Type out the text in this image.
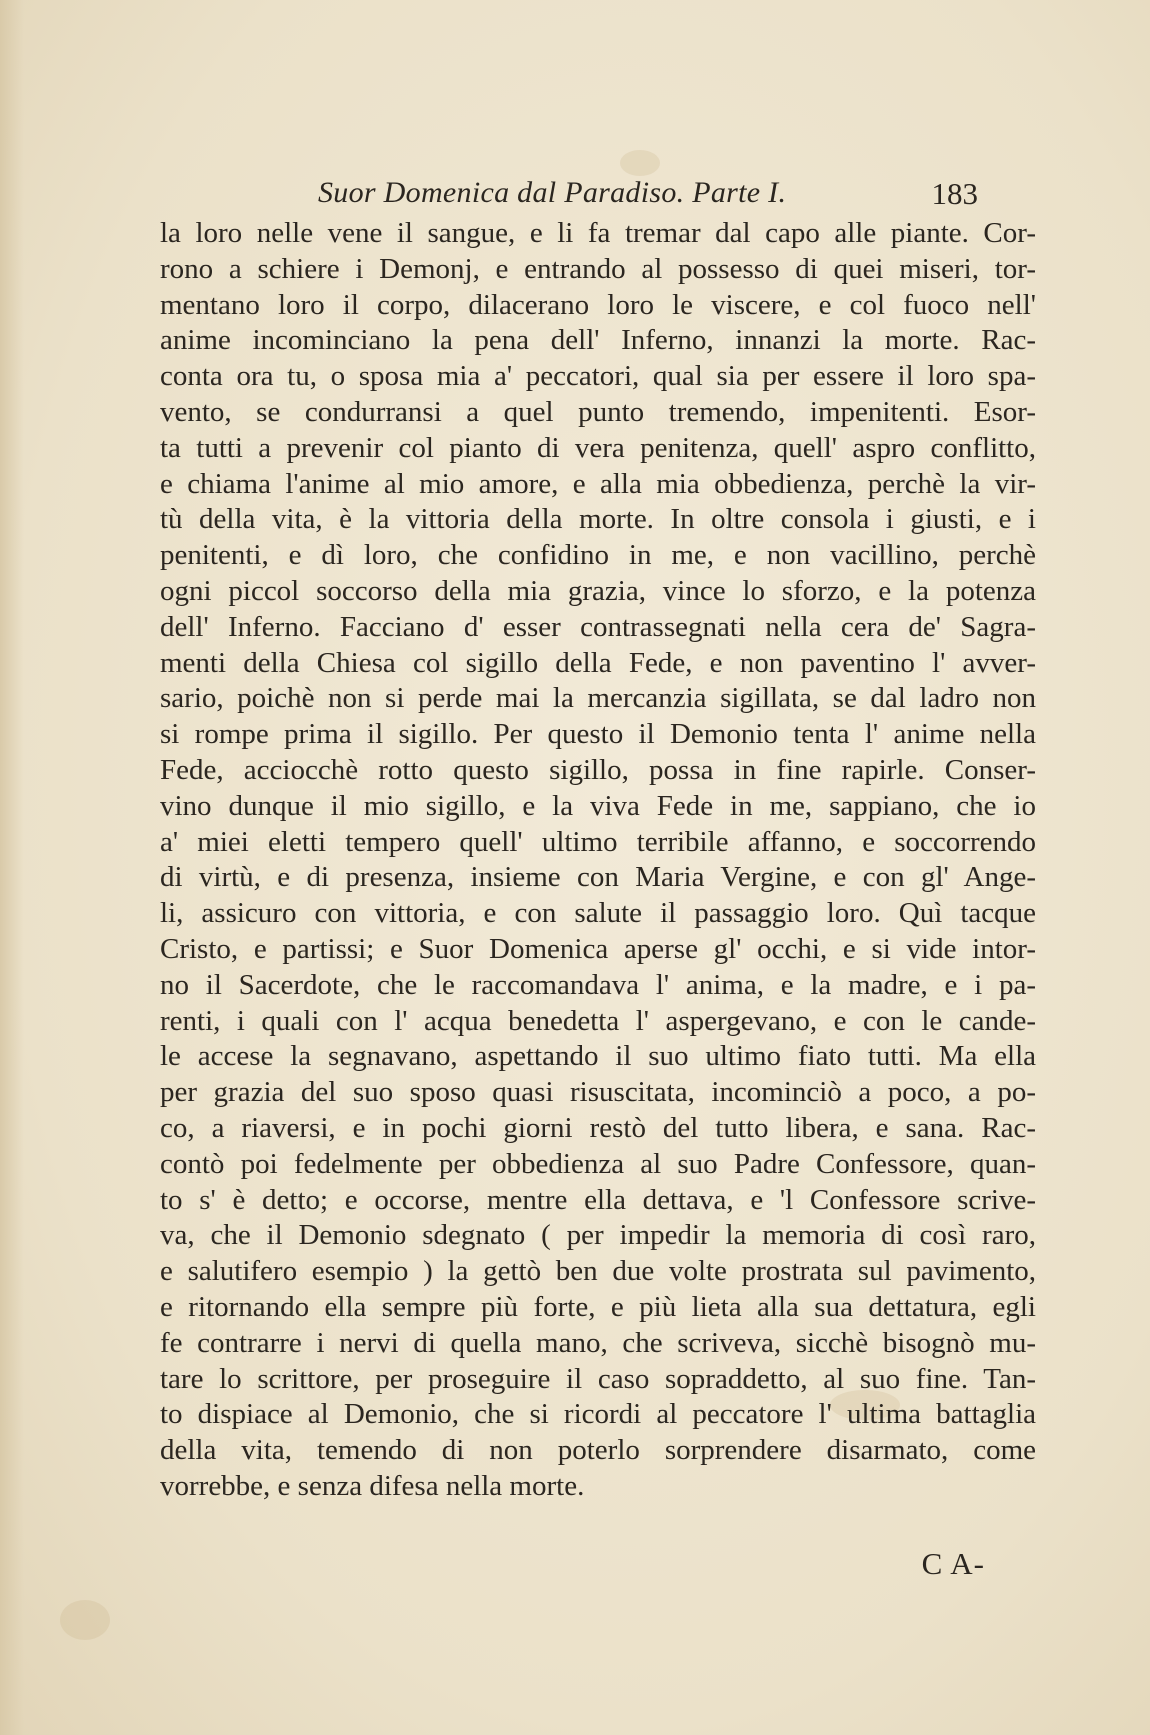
Suor Domenica dal Paradiso. Parte I.	183
la loro nelle vene il sangue, e li fa tremar dal capo alle piante. Cor-
rono a schiere i Demonj, e entrando al possesso di quei miseri, tor-
mentano loro il corpo, dilacerano loro le viscere, e col fuoco nell'
anime incominciano la pena dell' Inferno, innanzi la morte. Rac-
conta ora tu, o sposa mia a' peccatori, qual sia per essere il loro spa-
vento, se condurransi a quel punto tremendo, impenitenti. Esor-
ta tutti a prevenir col pianto di vera penitenza, quell' aspro conflitto,
e chiama l'anime al mio amore, e alla mia obbedienza, perchè la vir-
tù della vita, è la vittoria della morte. In oltre consola i giusti, e i
penitenti, e dì loro, che confidino in me, e non vacillino, perchè
ogni piccol soccorso della mia grazia, vince lo sforzo, e la potenza
dell' Inferno. Facciano d' esser contrassegnati nella cera de' Sagra-
menti della Chiesa col sigillo della Fede, e non paventino l' avver-
sario, poichè non si perde mai la mercanzia sigillata, se dal ladro non
si rompe prima il sigillo. Per questo il Demonio tenta l' anime nella
Fede, acciocchè rotto questo sigillo, possa in fine rapirle. Conser-
vino dunque il mio sigillo, e la viva Fede in me, sappiano, che io
a' miei eletti tempero quell' ultimo terribile affanno, e soccorrendo
di virtù, e di presenza, insieme con Maria Vergine, e con gl' Ange-
li, assicuro con vittoria, e con salute il passaggio loro. Quì tacque
Cristo, e partissi; e Suor Domenica aperse gl' occhi, e si vide intor-
no il Sacerdote, che le raccomandava l' anima, e la madre, e i pa-
renti, i quali con l' acqua benedetta l' aspergevano, e con le cande-
le accese la segnavano, aspettando il suo ultimo fiato tutti. Ma ella
per grazia del suo sposo quasi risuscitata, incominciò a poco, a po-
co, a riaversi, e in pochi giorni restò del tutto libera, e sana. Rac-
contò poi fedelmente per obbedienza al suo Padre Confessore, quan-
to s' è detto; e occorse, mentre ella dettava, e 'l Confessore scrive-
va, che il Demonio sdegnato ( per impedir la memoria di così raro,
e salutifero esempio ) la gettò ben due volte prostrata sul pavimento,
e ritornando ella sempre più forte, e più lieta alla sua dettatura, egli
fe contrarre i nervi di quella mano, che scriveva, sicchè bisognò mu-
tare lo scrittore, per proseguire il caso sopraddetto, al suo fine. Tan-
to dispiace al Demonio, che si ricordi al peccatore l' ultima battaglia
della vita, temendo di non poterlo sorprendere disarmato, come
vorrebbe, e senza difesa nella morte.
C A-
